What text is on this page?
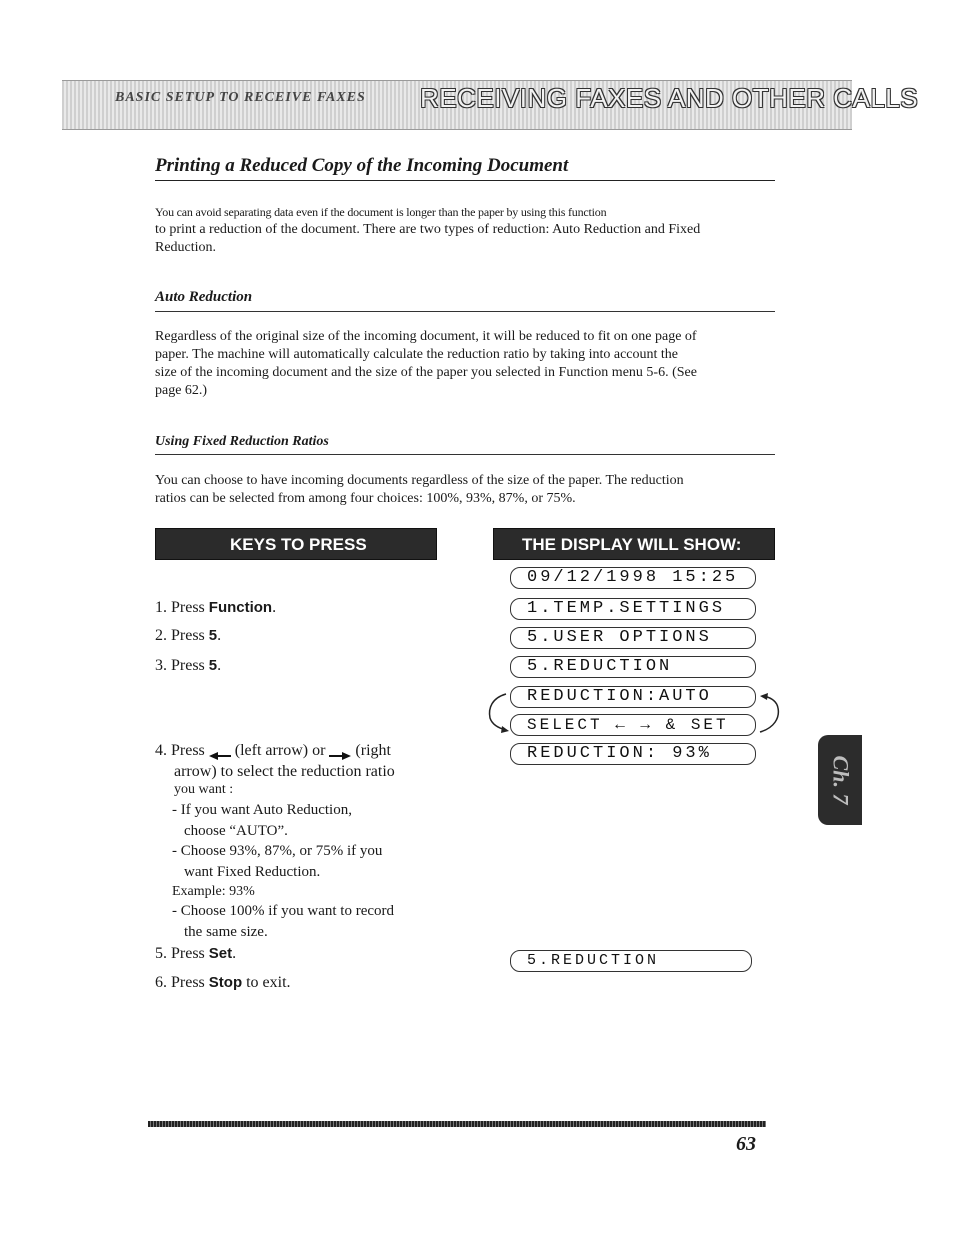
BASIC SETUP TO RECEIVE FAXES RECEIVING FAXES AND OTHER CALLS
Printing a Reduced Copy of the Incoming Document

You can avoid separating data even if the document is longer than the paper by using this function

to print a reduction of the document. There are two types of reduction: Auto Reduction and Fixed

Reduction.

Auto Reduction

Regardless of the original size of the incoming document, it will be reduced to fit on one page of

paper. The machine will automatically calculate the reduction ratio by taking into account the

size of the incoming document and the size of the paper you selected in Function menu 5-6. (See

page 62.)

Using Fixed Reduction Ratios

You can choose to have incoming documents regardless of the size of the paper. The reduction

ratios can be selected from among four choices: 100%, 93%, 87%, or 75%.

KEYS TO PRESS	THE DISPLAY WILL SHOW:
1. Press Function.
2. Press 5.
3. Press 5.
4. Press  (left arrow) or  (right
arrow) to select the reduction ratio
you want :
- If you want Auto Reduction,
choose “AUTO”.
- Choose 93%, 87%, or 75% if you
want Fixed Reduction.
Example: 93%
- Choose 100% if you want to record
the same size.
5. Press Set.
6. Press Stop to exit.
09/12/1998 15:25
1.TEMP.SETTINGS
5.USER OPTIONS
5.REDUCTION
REDUCTION:AUTO
SELECT ← → & SET
REDUCTION: 93%
5.REDUCTION
Ch. 7
63
